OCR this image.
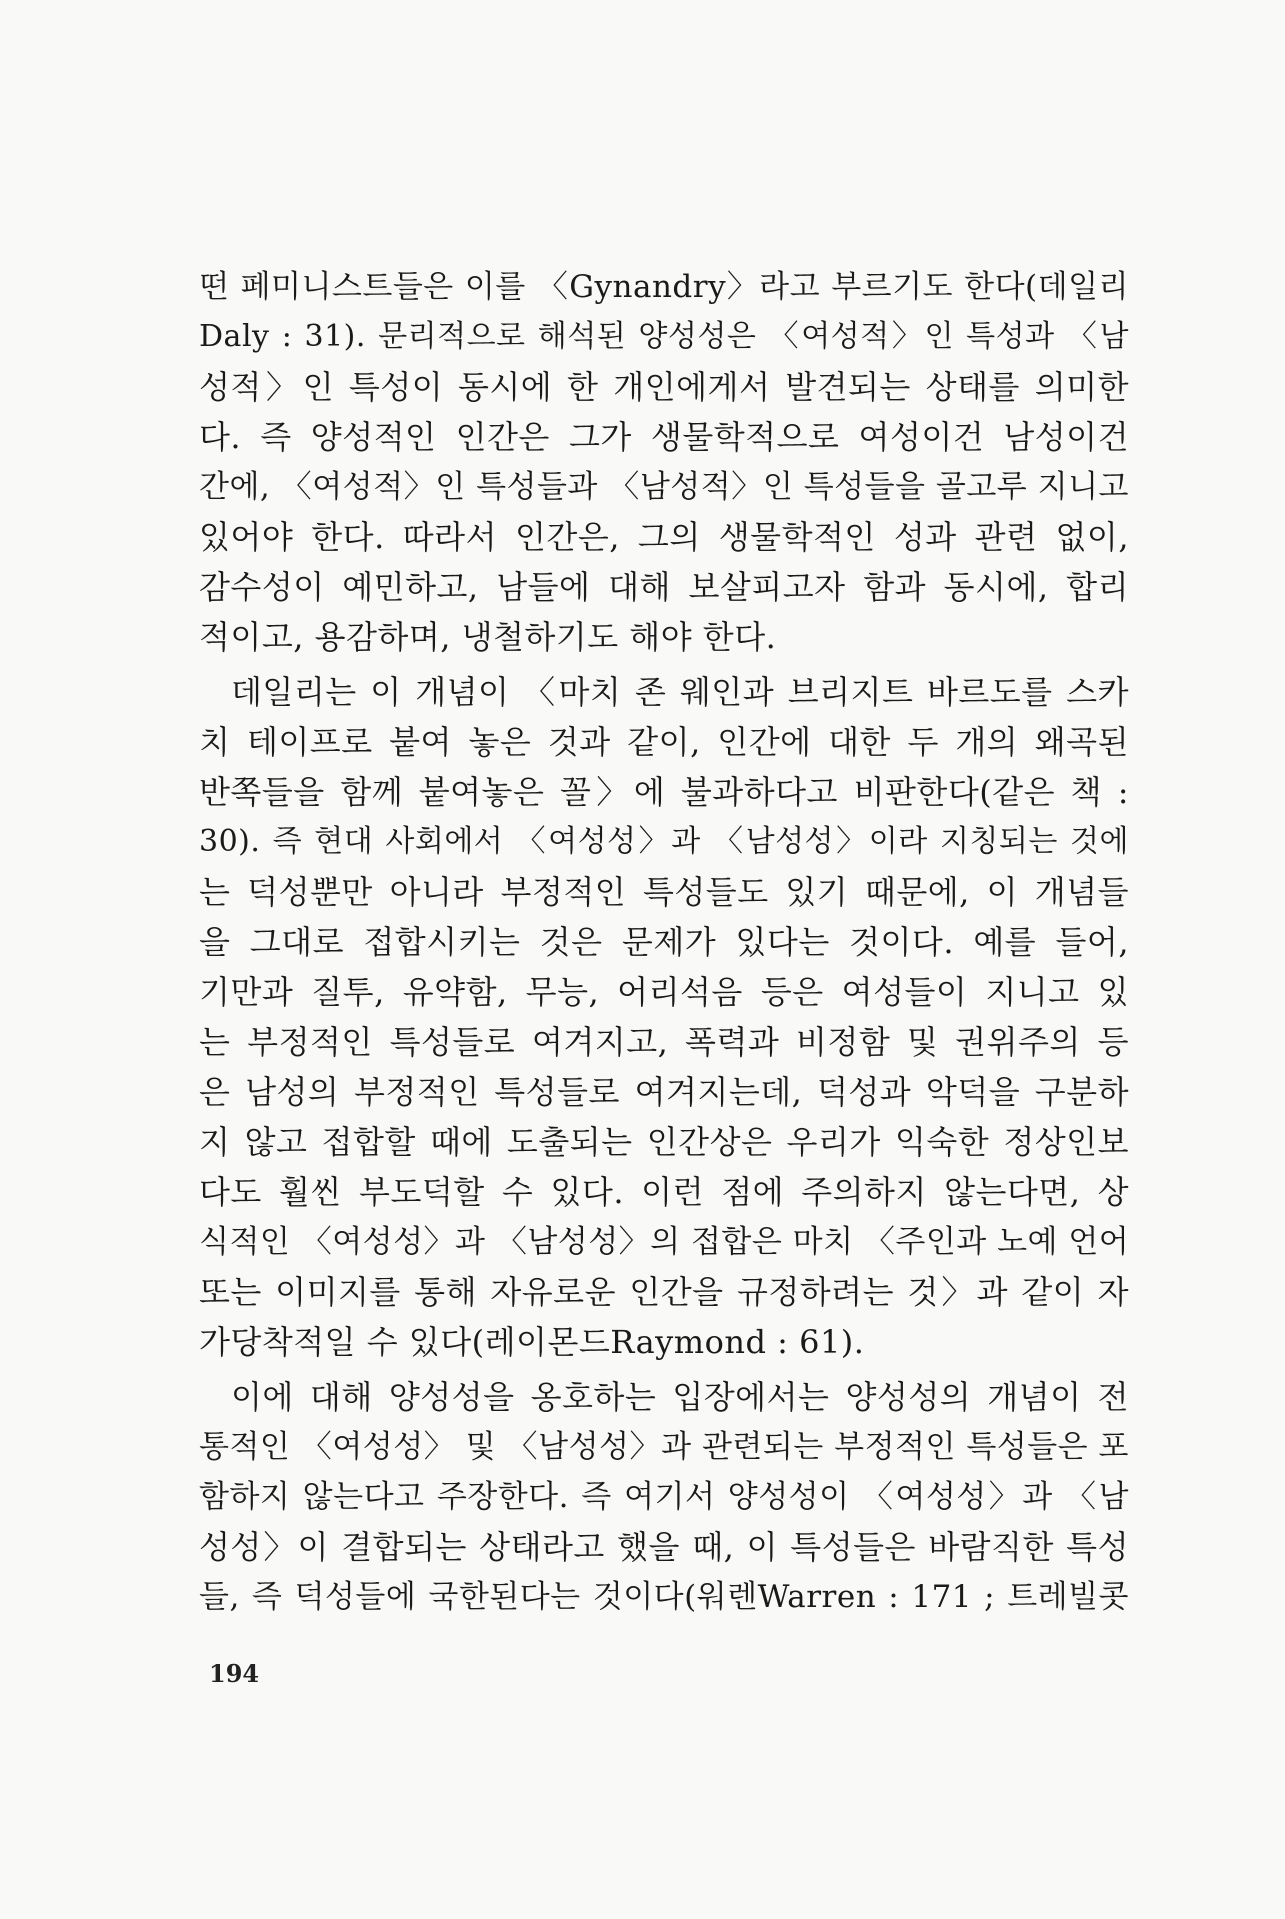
떤 페미니스트들은 이를 〈Gynandry〉라고 부르기도 한다(데일리
Daly : 31). 문리적으로 해석된 양성성은 〈여성적〉인 특성과 〈남
성적〉인 특성이 동시에 한 개인에게서 발견되는 상태를 의미한
다. 즉 양성적인 인간은 그가 생물학적으로 여성이건 남성이건
간에, 〈여성적〉인 특성들과 〈남성적〉인 특성들을 골고루 지니고
있어야 한다. 따라서 인간은, 그의 생물학적인 성과 관련 없이,
감수성이 예민하고, 남들에 대해 보살피고자 함과 동시에, 합리
적이고, 용감하며, 냉철하기도 해야 한다.
데일리는 이 개념이 〈마치 존 웨인과 브리지트 바르도를 스카
치 테이프로 붙여 놓은 것과 같이, 인간에 대한 두 개의 왜곡된
반쪽들을 함께 붙여놓은 꼴〉에 불과하다고 비판한다(같은 책 :
30). 즉 현대 사회에서 〈여성성〉과 〈남성성〉이라 지칭되는 것에
는 덕성뿐만 아니라 부정적인 특성들도 있기 때문에, 이 개념들
을 그대로 접합시키는 것은 문제가 있다는 것이다. 예를 들어,
기만과 질투, 유약함, 무능, 어리석음 등은 여성들이 지니고 있
는 부정적인 특성들로 여겨지고, 폭력과 비정함 및 권위주의 등
은 남성의 부정적인 특성들로 여겨지는데, 덕성과 악덕을 구분하
지 않고 접합할 때에 도출되는 인간상은 우리가 익숙한 정상인보
다도 훨씬 부도덕할 수 있다. 이런 점에 주의하지 않는다면, 상
식적인 〈여성성〉과 〈남성성〉의 접합은 마치 〈주인과 노예 언어
또는 이미지를 통해 자유로운 인간을 규정하려는 것〉과 같이 자
가당착적일 수 있다(레이몬드Raymond : 61).
이에 대해 양성성을 옹호하는 입장에서는 양성성의 개념이 전
통적인 〈여성성〉 및 〈남성성〉과 관련되는 부정적인 특성들은 포
함하지 않는다고 주장한다. 즉 여기서 양성성이 〈여성성〉과 〈남
성성〉이 결합되는 상태라고 했을 때, 이 특성들은 바람직한 특성
들, 즉 덕성들에 국한된다는 것이다(워렌Warren : 171 ; 트레빌콧
194
